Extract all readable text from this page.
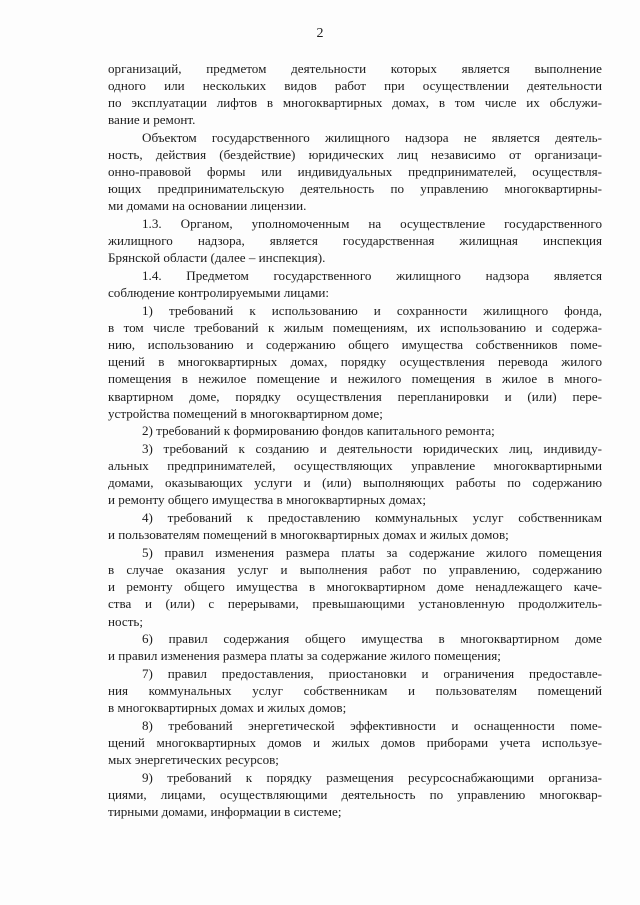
2
организаций, предметом деятельности которых является выполнение
одного или нескольких видов работ при осуществлении деятельности
по эксплуатации лифтов в многоквартирных домах, в том числе их обслужи-
вание и ремонт.
Объектом государственного жилищного надзора не является деятель-
ность, действия (бездействие) юридических лиц независимо от организаци-
онно-правовой формы или индивидуальных предпринимателей, осуществля-
ющих предпринимательскую деятельность по управлению многоквартирны-
ми домами на основании лицензии.
1.3. Органом, уполномоченным на осуществление государственного
жилищного надзора, является государственная жилищная инспекция
Брянской области (далее – инспекция).
1.4. Предметом государственного жилищного надзора является
соблюдение контролируемыми лицами:
1) требований к использованию и сохранности жилищного фонда,
в том числе требований к жилым помещениям, их использованию и содержа-
нию, использованию и содержанию общего имущества собственников поме-
щений в многоквартирных домах, порядку осуществления перевода жилого
помещения в нежилое помещение и нежилого помещения в жилое в много-
квартирном доме, порядку осуществления перепланировки и (или) пере-
устройства помещений в многоквартирном доме;
2) требований к формированию фондов капитального ремонта;
3) требований к созданию и деятельности юридических лиц, индивиду-
альных предпринимателей, осуществляющих управление многоквартирными
домами, оказывающих услуги и (или) выполняющих работы по содержанию
и ремонту общего имущества в многоквартирных домах;
4) требований к предоставлению коммунальных услуг собственникам
и пользователям помещений в многоквартирных домах и жилых домов;
5) правил изменения размера платы за содержание жилого помещения
в случае оказания услуг и выполнения работ по управлению, содержанию
и ремонту общего имущества в многоквартирном доме ненадлежащего каче-
ства и (или) с перерывами, превышающими установленную продолжитель-
ность;
6) правил содержания общего имущества в многоквартирном доме
и правил изменения размера платы за содержание жилого помещения;
7) правил предоставления, приостановки и ограничения предоставле-
ния коммунальных услуг собственникам и пользователям помещений
в многоквартирных домах и жилых домов;
8) требований энергетической эффективности и оснащенности поме-
щений многоквартирных домов и жилых домов приборами учета используе-
мых энергетических ресурсов;
9) требований к порядку размещения ресурсоснабжающими организа-
циями, лицами, осуществляющими деятельность по управлению многоквар-
тирными домами, информации в системе;
